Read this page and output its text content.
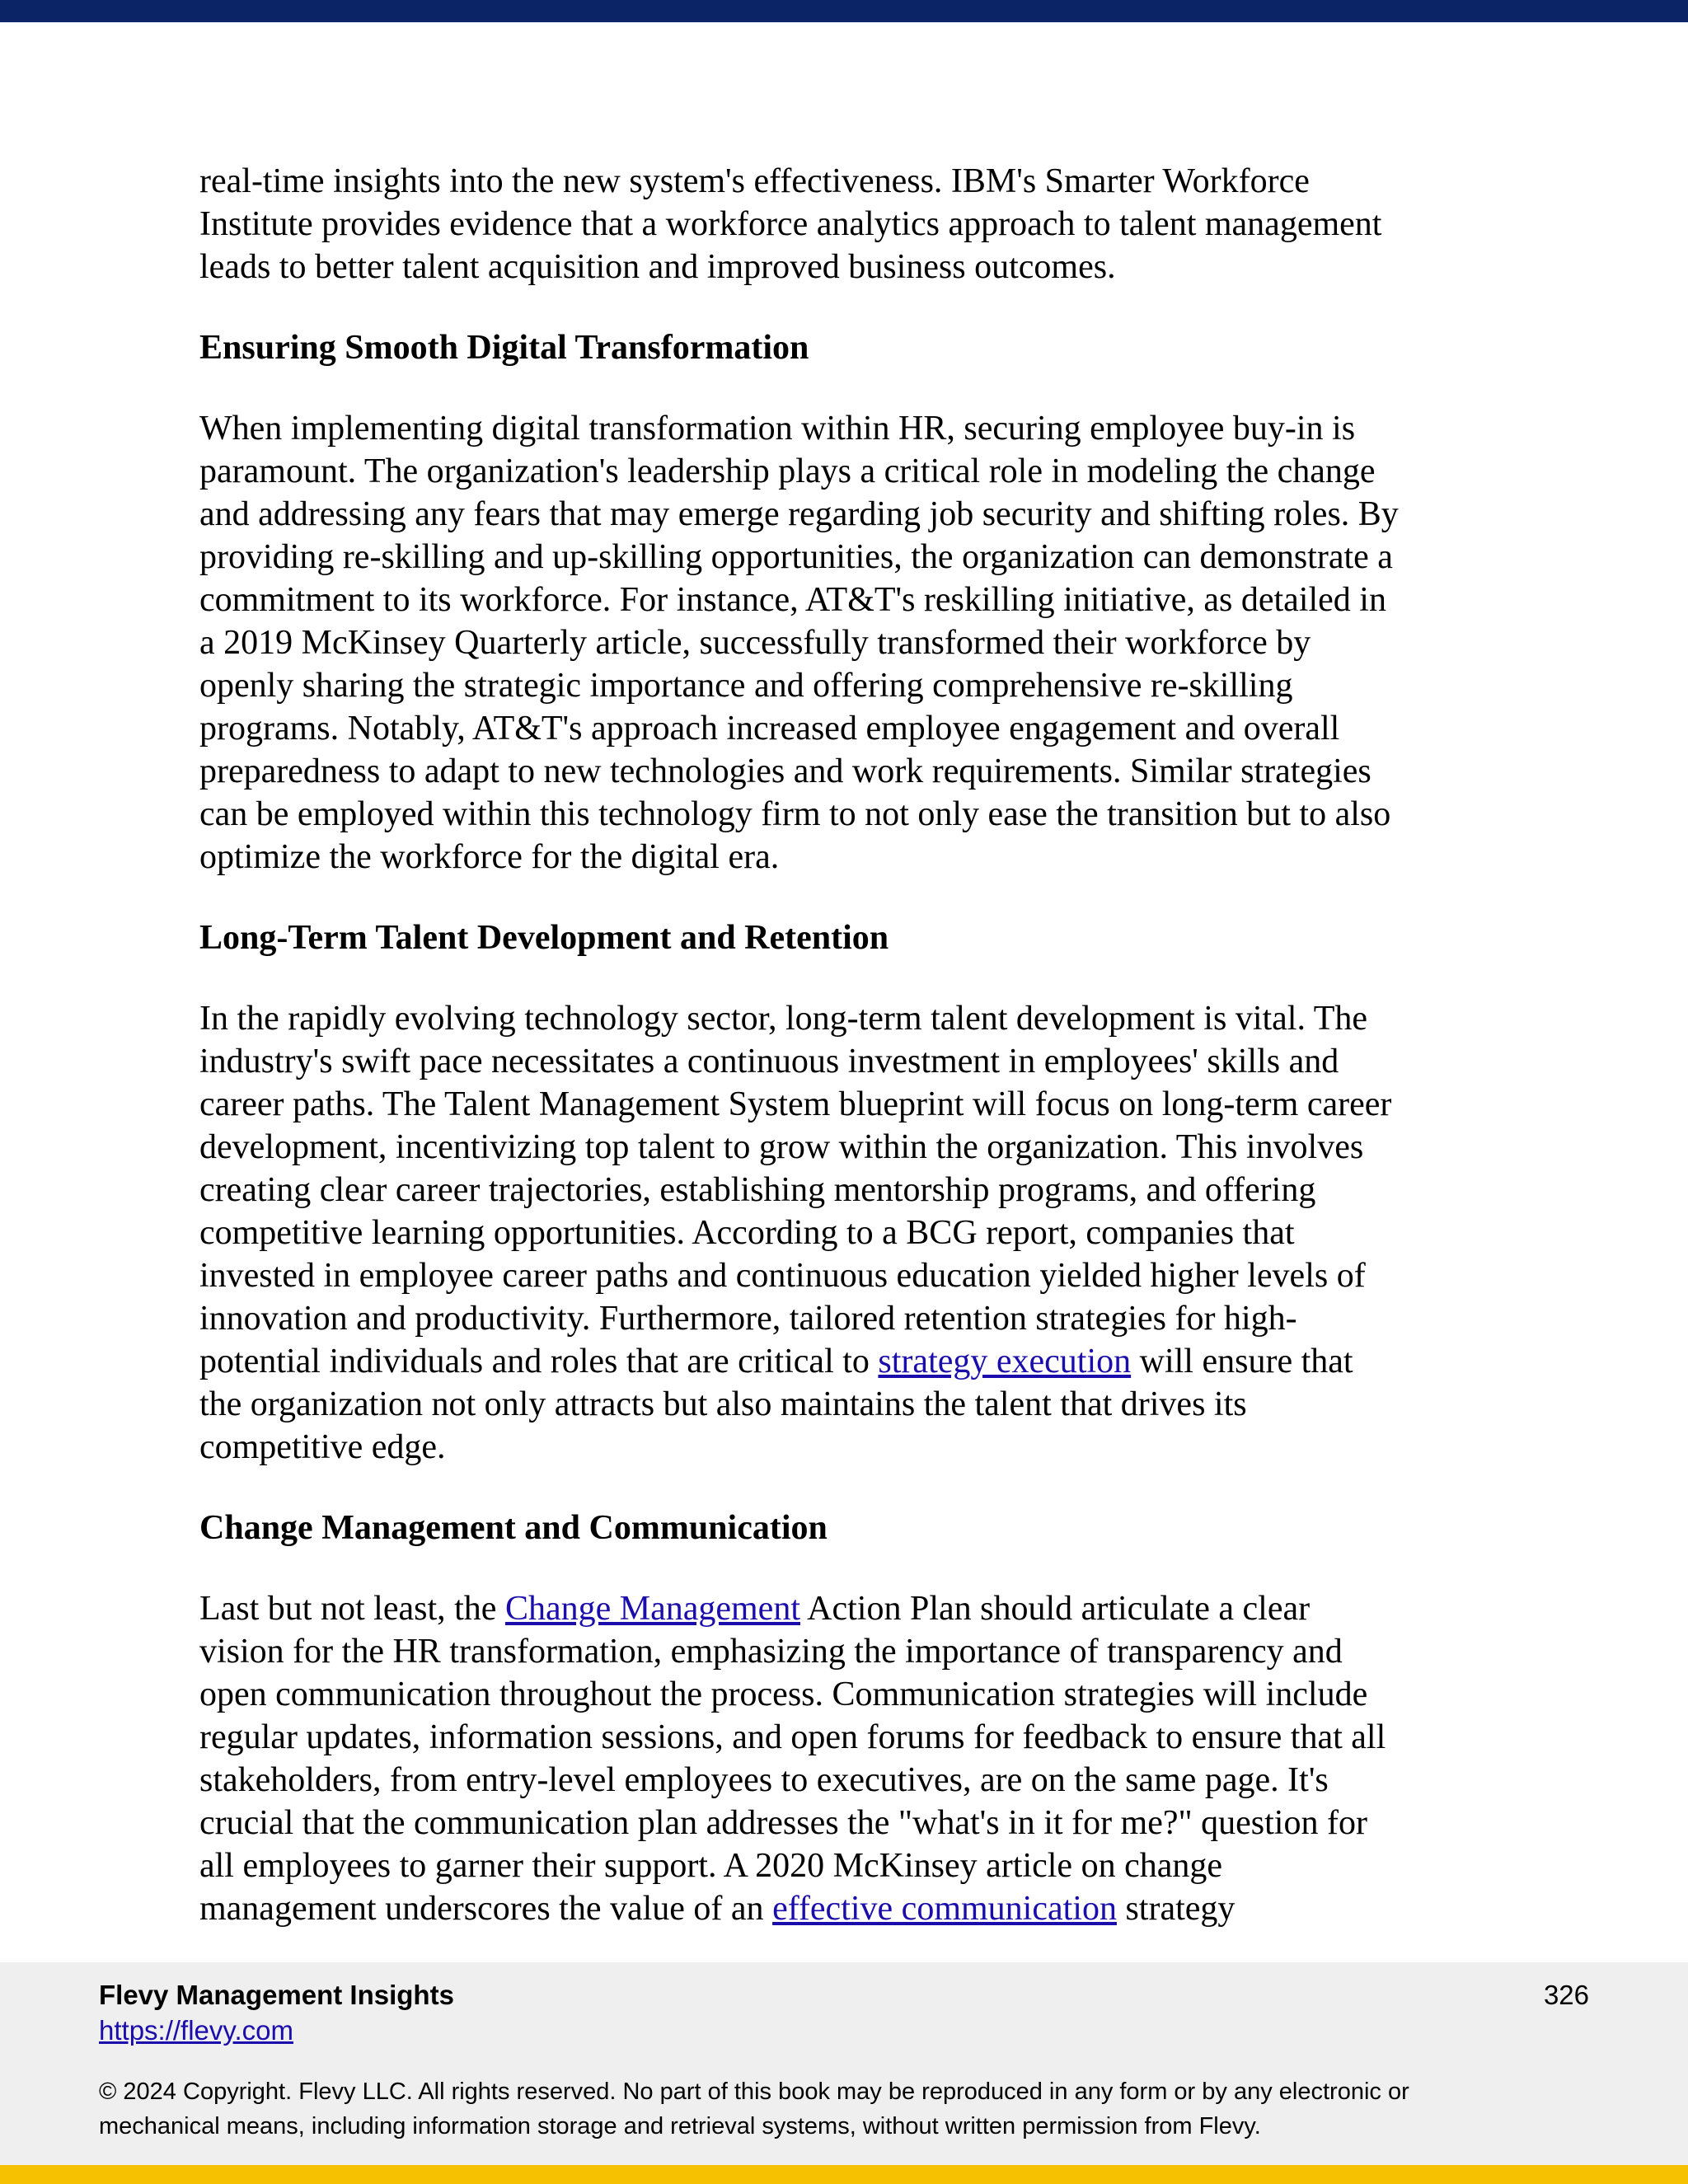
real-time insights into the new system's effectiveness. IBM's Smarter Workforce
Institute provides evidence that a workforce analytics approach to talent management
leads to better talent acquisition and improved business outcomes.

Ensuring Smooth Digital Transformation

When implementing digital transformation within HR, securing employee buy-in is
paramount. The organization's leadership plays a critical role in modeling the change
and addressing any fears that may emerge regarding job security and shifting roles. By
providing re-skilling and up-skilling opportunities, the organization can demonstrate a
commitment to its workforce. For instance, AT&T's reskilling initiative, as detailed in
a 2019 McKinsey Quarterly article, successfully transformed their workforce by
openly sharing the strategic importance and offering comprehensive re-skilling
programs. Notably, AT&T's approach increased employee engagement and overall
preparedness to adapt to new technologies and work requirements. Similar strategies
can be employed within this technology firm to not only ease the transition but to also
optimize the workforce for the digital era.

Long-Term Talent Development and Retention

In the rapidly evolving technology sector, long-term talent development is vital. The
industry's swift pace necessitates a continuous investment in employees' skills and
career paths. The Talent Management System blueprint will focus on long-term career
development, incentivizing top talent to grow within the organization. This involves
creating clear career trajectories, establishing mentorship programs, and offering
competitive learning opportunities. According to a BCG report, companies that
invested in employee career paths and continuous education yielded higher levels of
innovation and productivity. Furthermore, tailored retention strategies for high-
potential individuals and roles that are critical to strategy execution will ensure that
the organization not only attracts but also maintains the talent that drives its
competitive edge.

Change Management and Communication

Last but not least, the Change Management Action Plan should articulate a clear
vision for the HR transformation, emphasizing the importance of transparency and
open communication throughout the process. Communication strategies will include
regular updates, information sessions, and open forums for feedback to ensure that all
stakeholders, from entry-level employees to executives, are on the same page. It's
crucial that the communication plan addresses the "what's in it for me?" question for
all employees to garner their support. A 2020 McKinsey article on change
management underscores the value of an effective communication strategy

Flevy Management Insights
https://flevy.com
326
© 2024 Copyright. Flevy LLC. All rights reserved. No part of this book may be reproduced in any form or by any electronic or
mechanical means, including information storage and retrieval systems, without written permission from Flevy.
